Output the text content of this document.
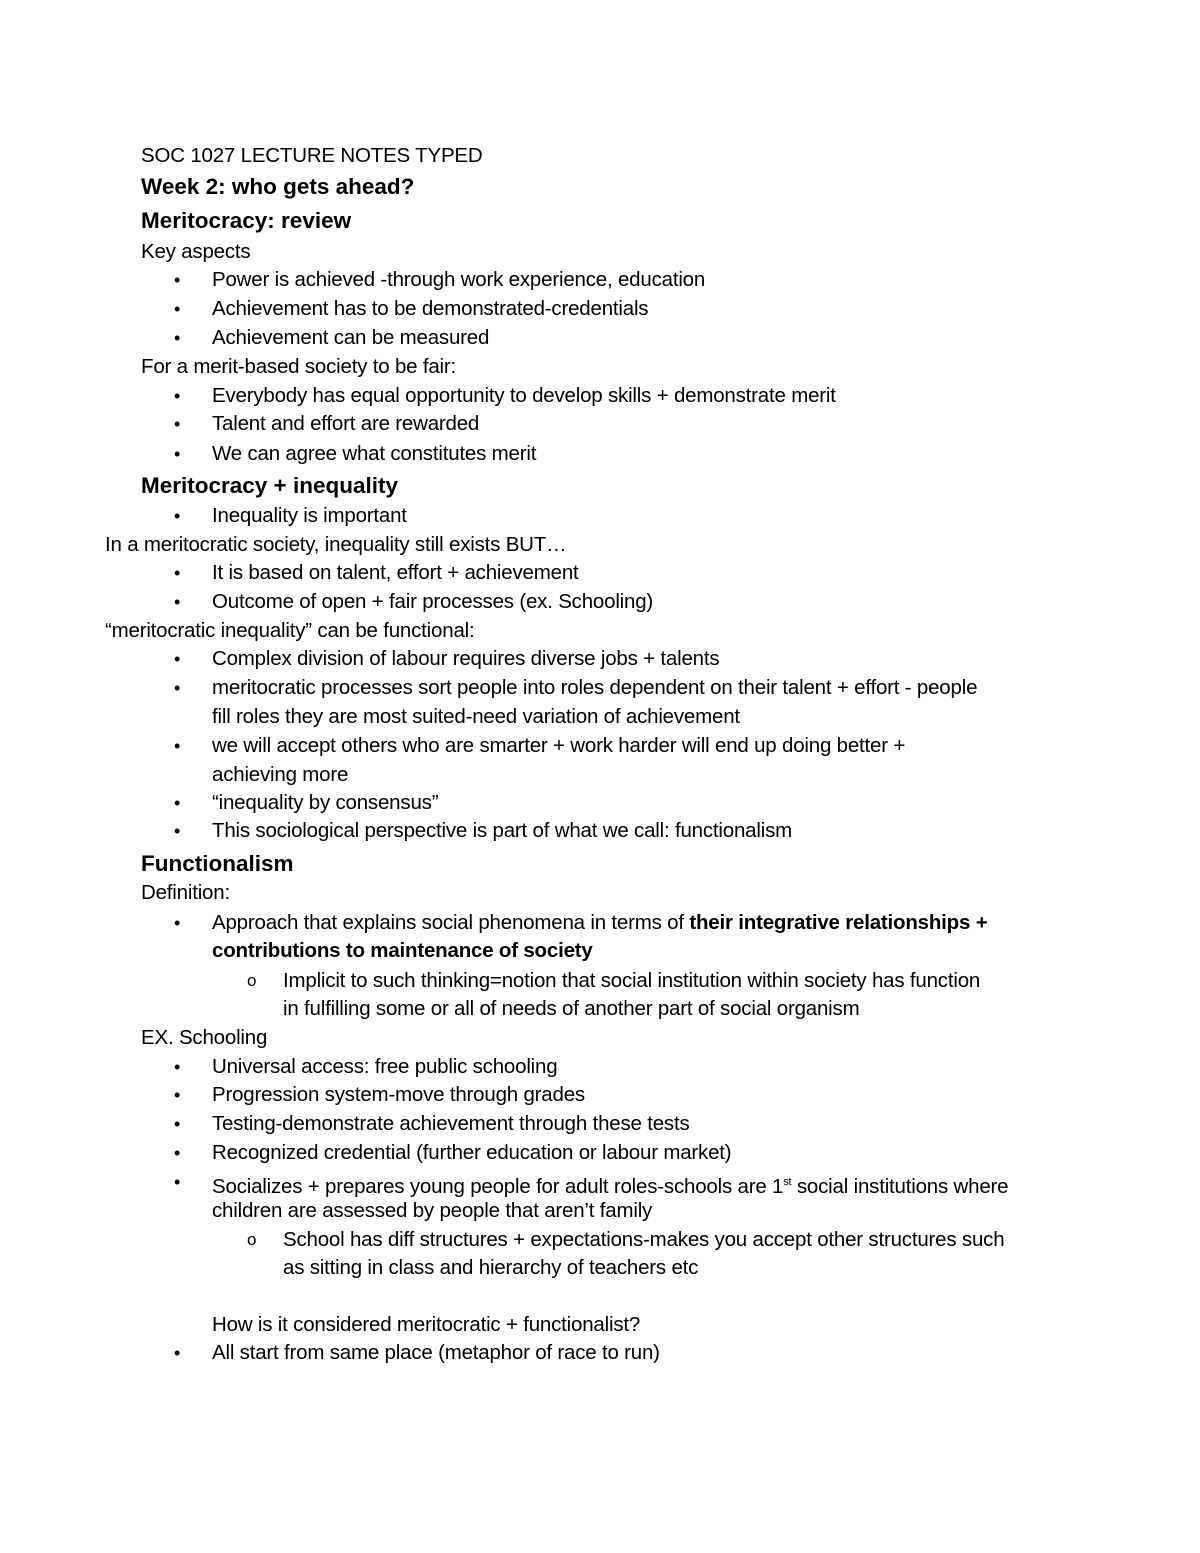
SOC 1027 LECTURE NOTES TYPED
Week 2: who gets ahead?
Meritocracy: review
Key aspects
• Power is achieved -through work experience, education
• Achievement has to be demonstrated-credentials
• Achievement can be measured
For a merit-based society to be fair:
• Everybody has equal opportunity to develop skills + demonstrate merit
• Talent and effort are rewarded
• We can agree what constitutes merit
Meritocracy + inequality
• Inequality is important
In a meritocratic society, inequality still exists BUT…
• It is based on talent, effort + achievement
• Outcome of open + fair processes (ex. Schooling)
“meritocratic inequality” can be functional:
• Complex division of labour requires diverse jobs + talents
• meritocratic processes sort people into roles dependent on their talent + effort - people
fill roles they are most suited-need variation of achievement
• we will accept others who are smarter + work harder will end up doing better +
achieving more
• “inequality by consensus”
• This sociological perspective is part of what we call: functionalism
Functionalism
Definition:
• Approach that explains social phenomena in terms of their integrative relationships +
contributions to maintenance of society
o Implicit to such thinking=notion that social institution within society has function
in fulfilling some or all of needs of another part of social organism
EX. Schooling
• Universal access: free public schooling
• Progression system-move through grades
• Testing-demonstrate achievement through these tests
• Recognized credential (further education or labour market)
• Socializes + prepares young people for adult roles-schools are 1st social institutions where
children are assessed by people that aren’t family
o School has diff structures + expectations-makes you accept other structures such
as sitting in class and hierarchy of teachers etc
How is it considered meritocratic + functionalist?
• All start from same place (metaphor of race to run)
